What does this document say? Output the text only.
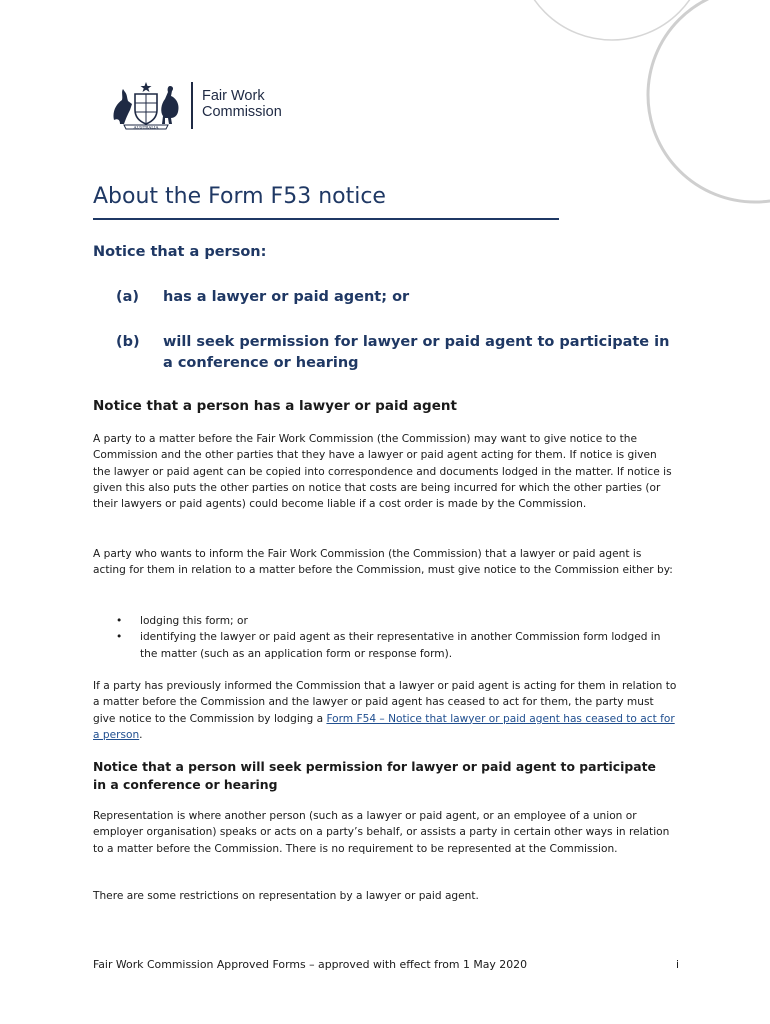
AUSTRALIA
Fair Work
Commission
About the Form F53 notice
Notice that a person:
(a) has a lawyer or paid agent; or
(b) will seek permission for lawyer or paid agent to participate in a conference or hearing
Notice that a person has a lawyer or paid agent

A party to a matter before the Fair Work Commission (the Commission) may want to give notice to the Commission and the other parties that they have a lawyer or paid agent acting for them. If notice is given the lawyer or paid agent can be copied into correspondence and documents lodged in the matter. If notice is given this also puts the other parties on notice that costs are being incurred for which the other parties (or their lawyers or paid agents) could become liable if a cost order is made by the Commission.

A party who wants to inform the Fair Work Commission (the Commission) that a lawyer or paid agent is acting for them in relation to a matter before the Commission, must give notice to the Commission either by:

• lodging this form; or
• identifying the lawyer or paid agent as their representative in another Commission form lodged in the matter (such as an application form or response form).

If a party has previously informed the Commission that a lawyer or paid agent is acting for them in relation to a matter before the Commission and the lawyer or paid agent has ceased to act for them, the party must give notice to the Commission by lodging a Form F54 – Notice that lawyer or paid agent has ceased to act for a person.

Notice that a person will seek permission for lawyer or paid agent to participate in a conference or hearing

Representation is where another person (such as a lawyer or paid agent, or an employee of a union or employer organisation) speaks or acts on a party’s behalf, or assists a party in certain other ways in relation to a matter before the Commission. There is no requirement to be represented at the Commission.

There are some restrictions on representation by a lawyer or paid agent.

Fair Work Commission Approved Forms – approved with effect from 1 May 2020	i
